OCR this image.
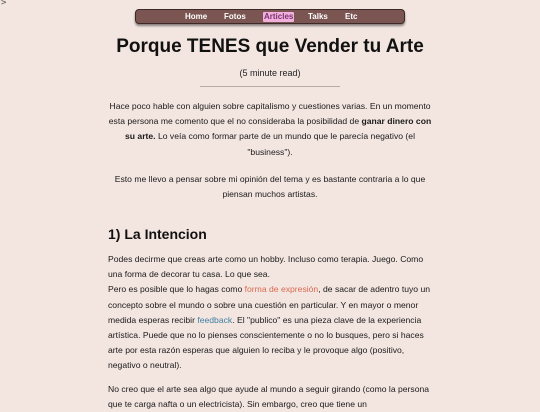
>
Home Fotos Articles Talks Etc
Porque TENES que Vender tu Arte
(5 minute read)

Hace poco hable con alguien sobre capitalismo y cuestiones varias. En un momento esta persona me comento que el no consideraba la posibilidad de ganar dinero con su arte. Lo veía como formar parte de un mundo que le parecía negativo (el "business").

Esto me llevo a pensar sobre mi opinión del tema y es bastante contraria a lo que piensan muchos artistas.

1) La Intencion

Podes decirme que creas arte como un hobby. Incluso como terapia. Juego. Como una forma de decorar tu casa. Lo que sea.
Pero es posible que lo hagas como forma de expresión, de sacar de adentro tuyo un concepto sobre el mundo o sobre una cuestión en particular. Y en mayor o menor medida esperas recibir feedback. El "publico" es una pieza clave de la experiencia artística. Puede que no lo pienses conscientemente o no lo busques, pero si haces arte por esta razón esperas que alguien lo reciba y le provoque algo (positivo, negativo o neutral).

No creo que el arte sea algo que ayude al mundo a seguir girando (como la persona que te carga nafta o un electricista). Sin embargo, creo que tiene un
